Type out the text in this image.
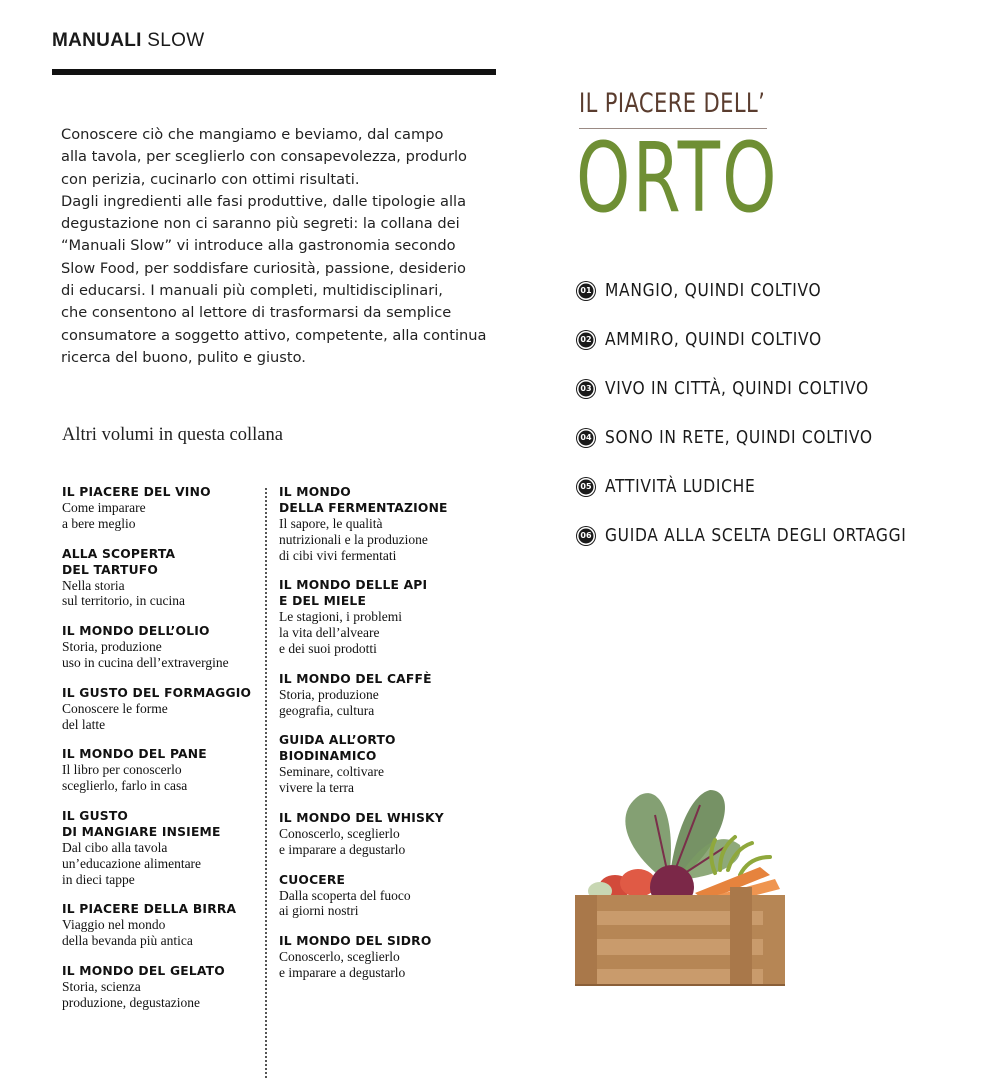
MANUALI SLOW

Conoscere ciò che mangiamo e beviamo, dal campo
alla tavola, per sceglierlo con consapevolezza, produrlo
con perizia, cucinarlo con ottimi risultati.
Dagli ingredienti alle fasi produttive, dalle tipologie alla
degustazione non ci saranno più segreti: la collana dei
“Manuali Slow” vi introduce alla gastronomia secondo
Slow Food, per soddisfare curiosità, passione, desiderio
di educarsi. I manuali più completi, multidisciplinari,
che consentono al lettore di trasformarsi da semplice
consumatore a soggetto attivo, competente, alla continua
ricerca del buono, pulito e giusto.

Altri volumi in questa collana
IL PIACERE DEL VINO
Come imparare
a bere meglio
ALLA SCOPERTA
DEL TARTUFO
Nella storia
sul territorio, in cucina
IL MONDO DELL’OLIO
Storia, produzione
uso in cucina dell’extravergine
IL GUSTO DEL FORMAGGIO
Conoscere le forme
del latte
IL MONDO DEL PANE
Il libro per conoscerlo
sceglierlo, farlo in casa
IL GUSTO
DI MANGIARE INSIEME
Dal cibo alla tavola
un’educazione alimentare
in dieci tappe
IL PIACERE DELLA BIRRA
Viaggio nel mondo
della bevanda più antica
IL MONDO DEL GELATO
Storia, scienza
produzione, degustazione
IL MONDO
DELLA FERMENTAZIONE
Il sapore, le qualità
nutrizionali e la produzione
di cibi vivi fermentati
IL MONDO DELLE API
E DEL MIELE
Le stagioni, i problemi
la vita dell’alveare
e dei suoi prodotti
IL MONDO DEL CAFFÈ
Storia, produzione
geografia, cultura
GUIDA ALL’ORTO
BIODINAMICO
Seminare, coltivare
vivere la terra
IL MONDO DEL WHISKY
Conoscerlo, sceglierlo
e imparare a degustarlo
CUOCERE
Dalla scoperta del fuoco
ai giorni nostri
IL MONDO DEL SIDRO
Conoscerlo, sceglierlo
e imparare a degustarlo
IL PIACERE DELL’
ORTO
01 MANGIO, QUINDI COLTIVO
02 AMMIRO, QUINDI COLTIVO
03 VIVO IN CITTÀ, QUINDI COLTIVO
04 SONO IN RETE, QUINDI COLTIVO
05 ATTIVITÀ LUDICHE
06 GUIDA ALLA SCELTA DEGLI ORTAGGI
